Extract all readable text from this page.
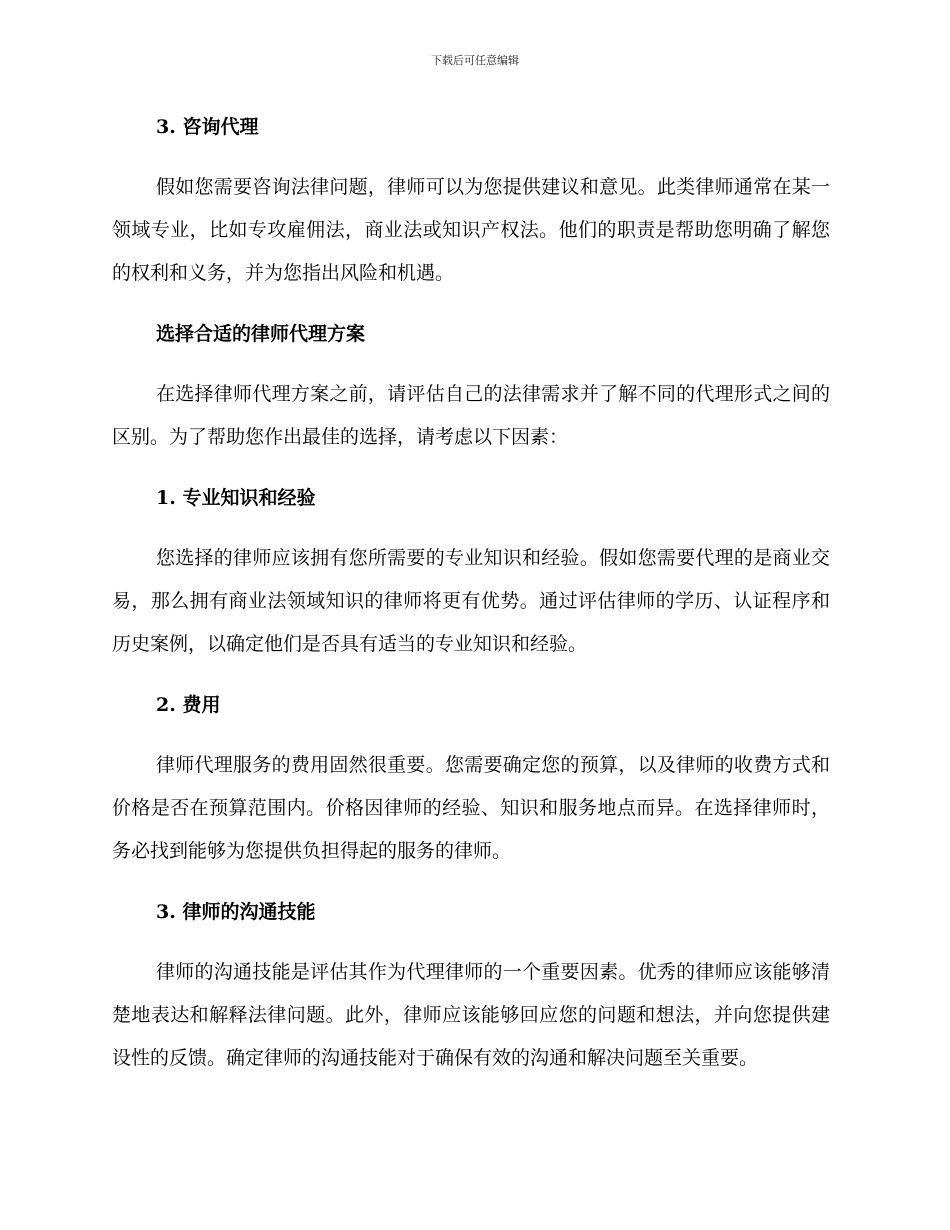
下载后可任意编辑
3. 咨询代理
假如您需要咨询法律问题，律师可以为您提供建议和意见。此类律师通常在某一领域专业，比如专攻雇佣法，商业法或知识产权法。他们的职责是帮助您明确了解您的权利和义务，并为您指出风险和机遇。
选择合适的律师代理方案
在选择律师代理方案之前，请评估自己的法律需求并了解不同的代理形式之间的区别。为了帮助您作出最佳的选择，请考虑以下因素：
1. 专业知识和经验
您选择的律师应该拥有您所需要的专业知识和经验。假如您需要代理的是商业交易，那么拥有商业法领域知识的律师将更有优势。通过评估律师的学历、认证程序和历史案例，以确定他们是否具有适当的专业知识和经验。
2. 费用
律师代理服务的费用固然很重要。您需要确定您的预算，以及律师的收费方式和价格是否在预算范围内。价格因律师的经验、知识和服务地点而异。在选择律师时，务必找到能够为您提供负担得起的服务的律师。
3. 律师的沟通技能
律师的沟通技能是评估其作为代理律师的一个重要因素。优秀的律师应该能够清楚地表达和解释法律问题。此外，律师应该能够回应您的问题和想法，并向您提供建设性的反馈。确定律师的沟通技能对于确保有效的沟通和解决问题至关重要。
